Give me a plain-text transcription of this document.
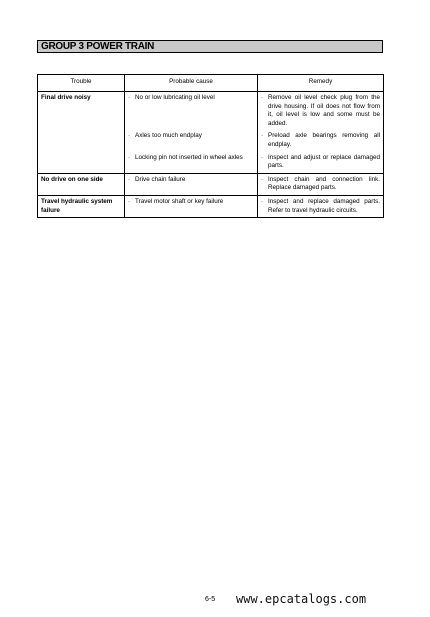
GROUP 3 POWER TRAIN
Trouble	Probable cause	Remedy
Final drive noisy	· No or low lubricating oil level	· Remove oil level check plug from the drive housing. If oil does not flow from it, oil level is low and some must be added.

	· Axles too much endplay	· Preload axle bearings removing all endplay.

	· Locking pin not inserted in wheel axles	· Inspect and adjust or replace damaged parts.

No drive on one side	· Drive chain failure	· Inspect chain and connection link. Replace damaged parts.

Travel hydraulic system failure	· Travel motor shaft or key failure	· Inspect and replace damaged parts. Refer to travel hydraulic circuits.
6-5 www.epcatalogs.com
